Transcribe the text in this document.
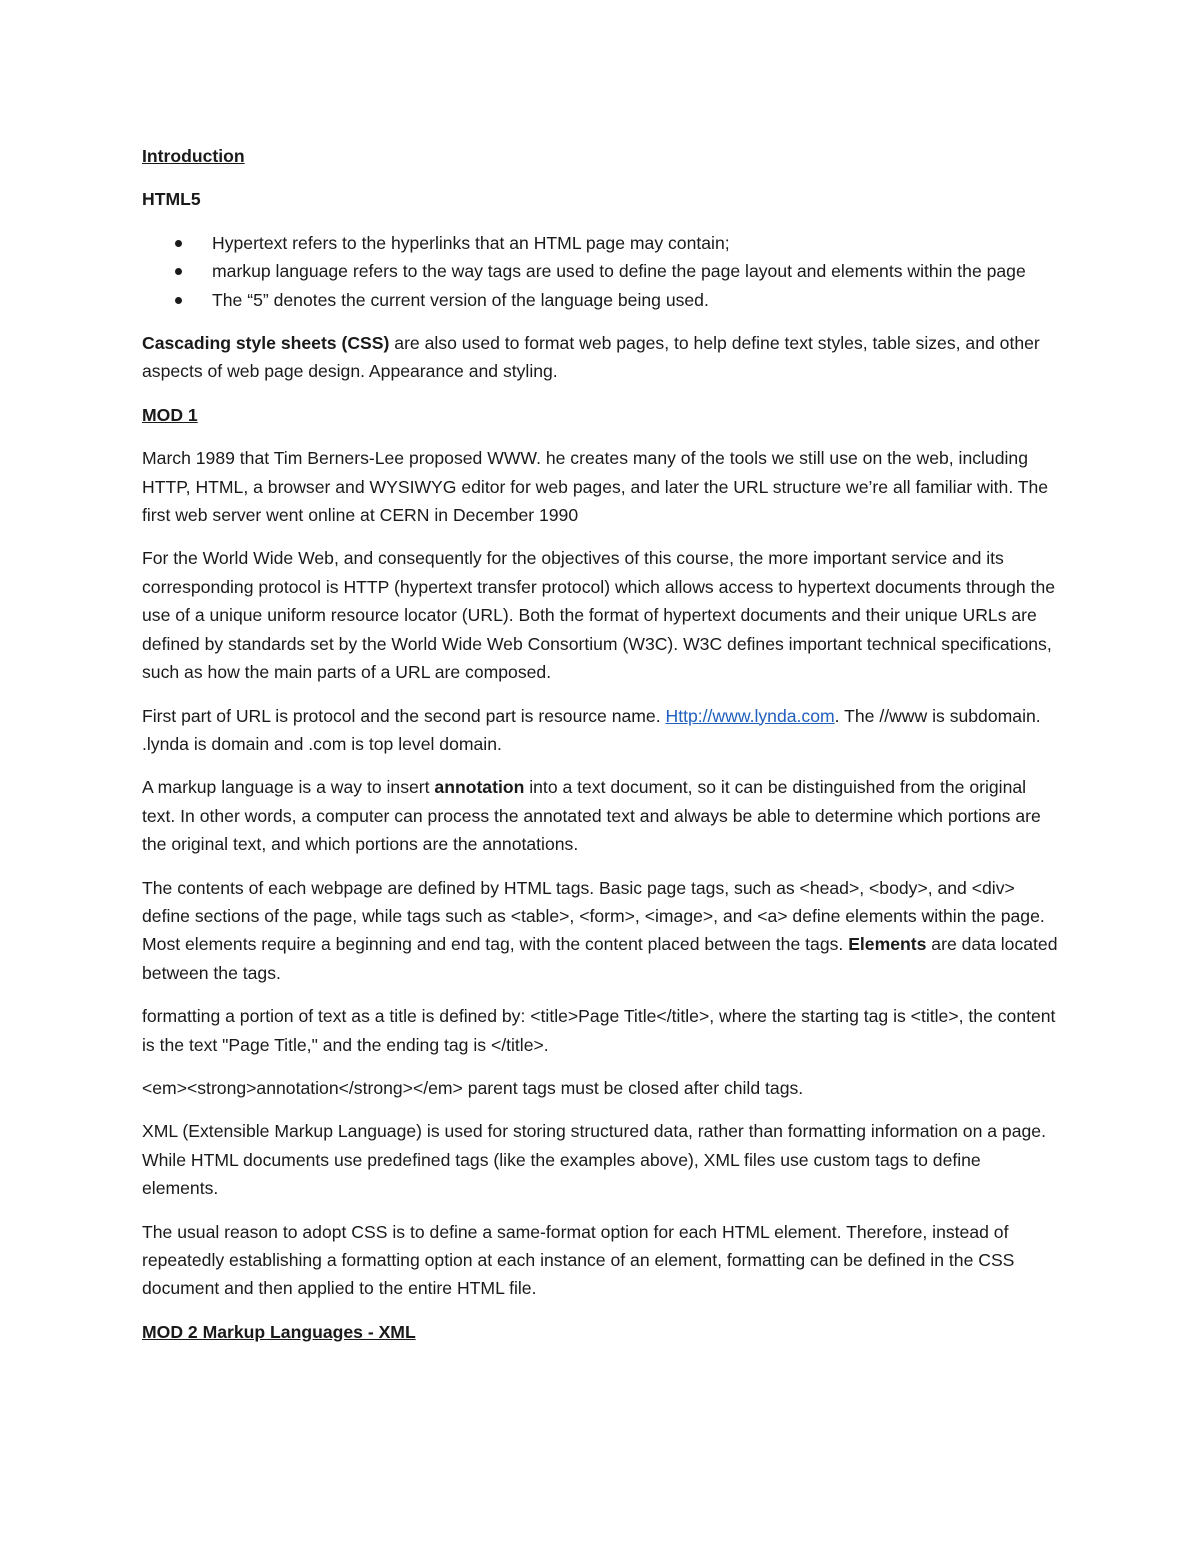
Introduction

HTML5

Hypertext refers to the hyperlinks that an HTML page may contain;
markup language refers to the way tags are used to define the page layout and elements within the page
The “5” denotes the current version of the language being used.

Cascading style sheets (CSS) are also used to format web pages, to help define text styles, table sizes, and other aspects of web page design. Appearance and styling.

MOD 1

March 1989 that Tim Berners-Lee proposed WWW. he creates many of the tools we still use on the web, including HTTP, HTML, a browser and WYSIWYG editor for web pages, and later the URL structure we’re all familiar with. The first web server went online at CERN in December 1990

For the World Wide Web, and consequently for the objectives of this course, the more important service and its corresponding protocol is HTTP (hypertext transfer protocol) which allows access to hypertext documents through the use of a unique uniform resource locator (URL). Both the format of hypertext documents and their unique URLs are defined by standards set by the World Wide Web Consortium (W3C). W3C defines important technical specifications, such as how the main parts of a URL are composed.

First part of URL is protocol and the second part is resource name. Http://www.lynda.com. The //www is subdomain. .lynda is domain and .com is top level domain.

A markup language is a way to insert annotation into a text document, so it can be distinguished from the original text. In other words, a computer can process the annotated text and always be able to determine which portions are the original text, and which portions are the annotations.

The contents of each webpage are defined by HTML tags. Basic page tags, such as <head>, <body>, and <div> define sections of the page, while tags such as <table>, <form>, <image>, and <a> define elements within the page. Most elements require a beginning and end tag, with the content placed between the tags. Elements are data located between the tags.

formatting a portion of text as a title is defined by: <title>Page Title</title>, where the starting tag is <title>, the content is the text "Page Title," and the ending tag is </title>.

<em><strong>annotation</strong></em> parent tags must be closed after child tags.

XML (Extensible Markup Language) is used for storing structured data, rather than formatting information on a page. While HTML documents use predefined tags (like the examples above), XML files use custom tags to define elements.

The usual reason to adopt CSS is to define a same-format option for each HTML element. Therefore, instead of repeatedly establishing a formatting option at each instance of an element, formatting can be defined in the CSS document and then applied to the entire HTML file.

MOD 2 Markup Languages - XML
